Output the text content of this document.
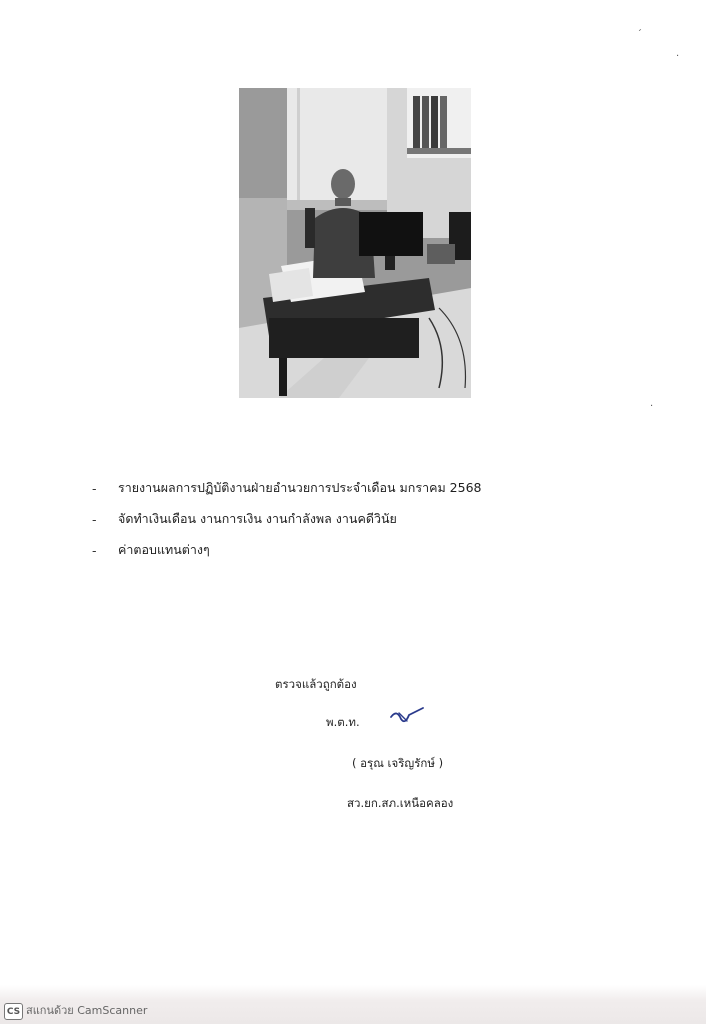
´
·
·
-	รายงานผลการปฏิบัติงานฝ่ายอำนวยการประจำเดือน มกราคม 2568
-	จัดทำเงินเดือน งานการเงิน งานกำลังพล งานคดีวินัย
-	ค่าตอบแทนต่างๆ
ตรวจแล้วถูกต้อง
พ.ต.ท.
( อรุณ เจริญรักษ์ )
สว.ยก.สภ.เหนือคลอง
CS สแกนด้วย CamScanner
